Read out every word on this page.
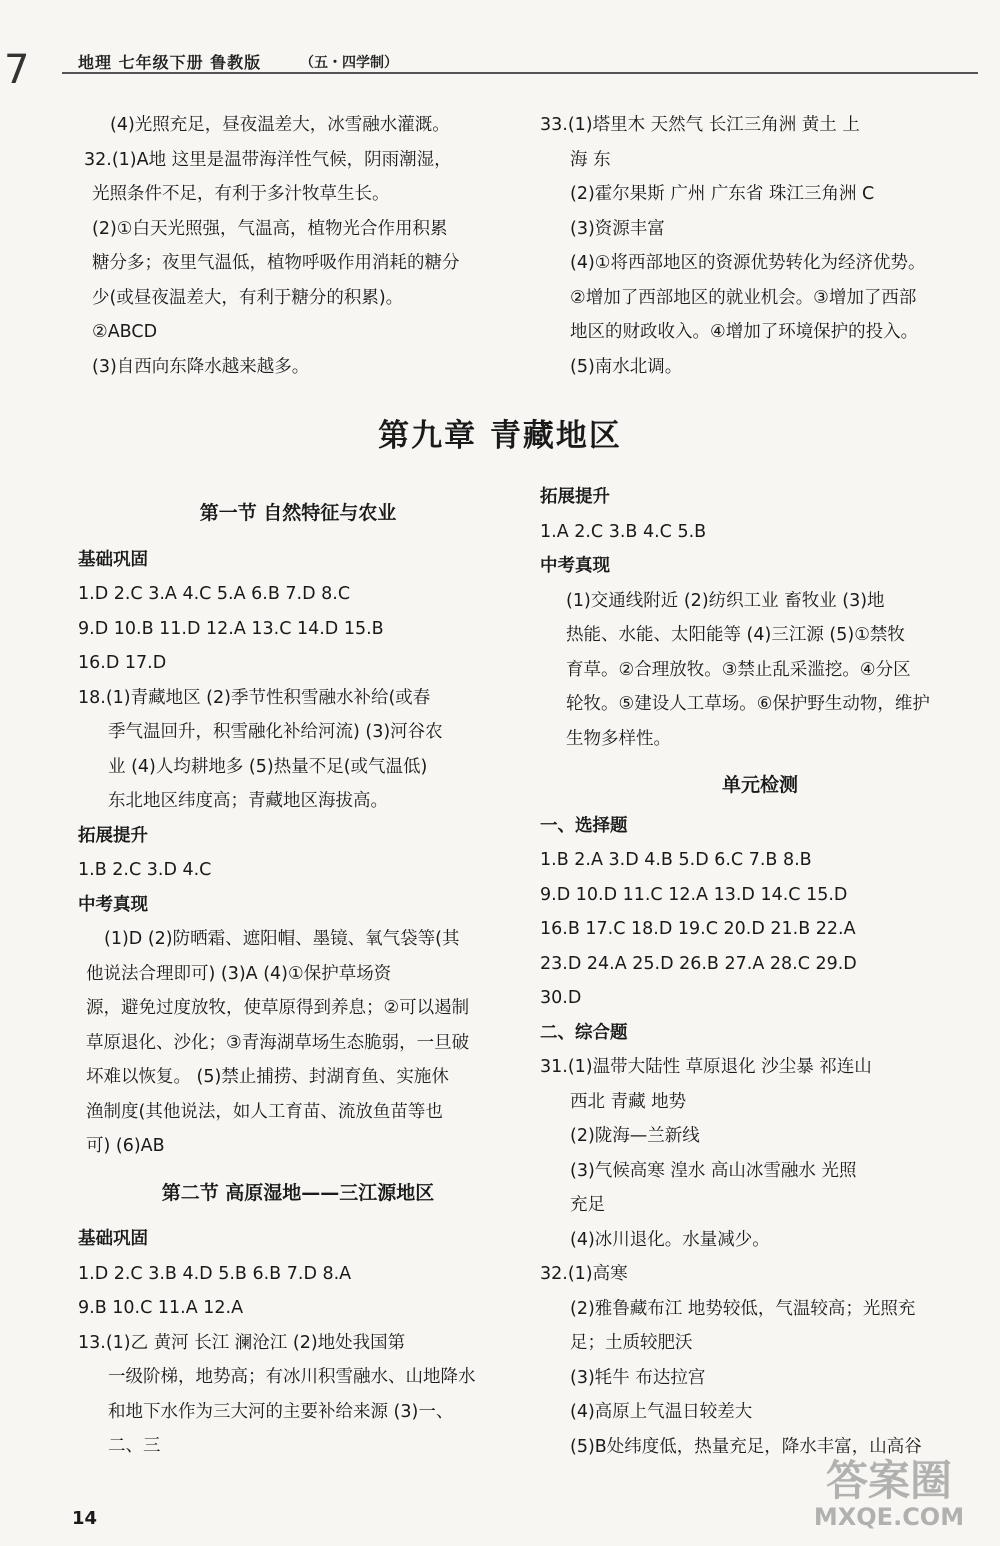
7	地理 七年级下册 鲁教版	（五・四学制）
(4)光照充足，昼夜温差大，冰雪融水灌溉。
32.(1)A地 这里是温带海洋性气候，阴雨潮湿，
光照条件不足，有利于多汁牧草生长。
(2)①白天光照强，气温高，植物光合作用积累
糖分多；夜里气温低，植物呼吸作用消耗的糖分
少(或昼夜温差大，有利于糖分的积累)。
②ABCD
(3)自西向东降水越来越多。
33.(1)塔里木 天然气 长江三角洲 黄土 上
海 东
(2)霍尔果斯 广州 广东省 珠江三角洲 C
(3)资源丰富
(4)①将西部地区的资源优势转化为经济优势。
②增加了西部地区的就业机会。③增加了西部
地区的财政收入。④增加了环境保护的投入。
(5)南水北调。
第九章 青藏地区
第一节 自然特征与农业
基础巩固
1.D 2.C 3.A 4.C 5.A 6.B 7.D 8.C
9.D 10.B 11.D 12.A 13.C 14.D 15.B
16.D 17.D
18.(1)青藏地区 (2)季节性积雪融水补给(或春
季气温回升，积雪融化补给河流) (3)河谷农
业 (4)人均耕地多 (5)热量不足(或气温低)
东北地区纬度高；青藏地区海拔高。
拓展提升
1.B 2.C 3.D 4.C
中考真现
(1)D (2)防晒霜、遮阳帽、墨镜、氧气袋等(其
他说法合理即可) (3)A (4)①保护草场资
源，避免过度放牧，使草原得到养息；②可以遏制
草原退化、沙化；③青海湖草场生态脆弱，一旦破
坏难以恢复。 (5)禁止捕捞、封湖育鱼、实施休
渔制度(其他说法，如人工育苗、流放鱼苗等也
可) (6)AB
第二节 高原湿地——三江源地区
基础巩固
1.D 2.C 3.B 4.D 5.B 6.B 7.D 8.A
9.B 10.C 11.A 12.A
13.(1)乙 黄河 长江 澜沧江 (2)地处我国第
一级阶梯，地势高；有冰川积雪融水、山地降水
和地下水作为三大河的主要补给来源 (3)一、
二、三
拓展提升
1.A 2.C 3.B 4.C 5.B
中考真现
(1)交通线附近 (2)纺织工业 畜牧业 (3)地
热能、水能、太阳能等 (4)三江源 (5)①禁牧
育草。②合理放牧。③禁止乱采滥挖。④分区
轮牧。⑤建设人工草场。⑥保护野生动物，维护
生物多样性。
单元检测
一、选择题
1.B 2.A 3.D 4.B 5.D 6.C 7.B 8.B
9.D 10.D 11.C 12.A 13.D 14.C 15.D
16.B 17.C 18.D 19.C 20.D 21.B 22.A
23.D 24.A 25.D 26.B 27.A 28.C 29.D
30.D
二、综合题
31.(1)温带大陆性 草原退化 沙尘暴 祁连山
西北 青藏 地势
(2)陇海—兰新线
(3)气候高寒 湟水 高山冰雪融水 光照
充足
(4)冰川退化。水量减少。
32.(1)高寒
(2)雅鲁藏布江 地势较低，气温较高；光照充
足；土质较肥沃
(3)牦牛 布达拉宫
(4)高原上气温日较差大
(5)B处纬度低，热量充足，降水丰富，山高谷
14
答案圈
MXQE.COM
